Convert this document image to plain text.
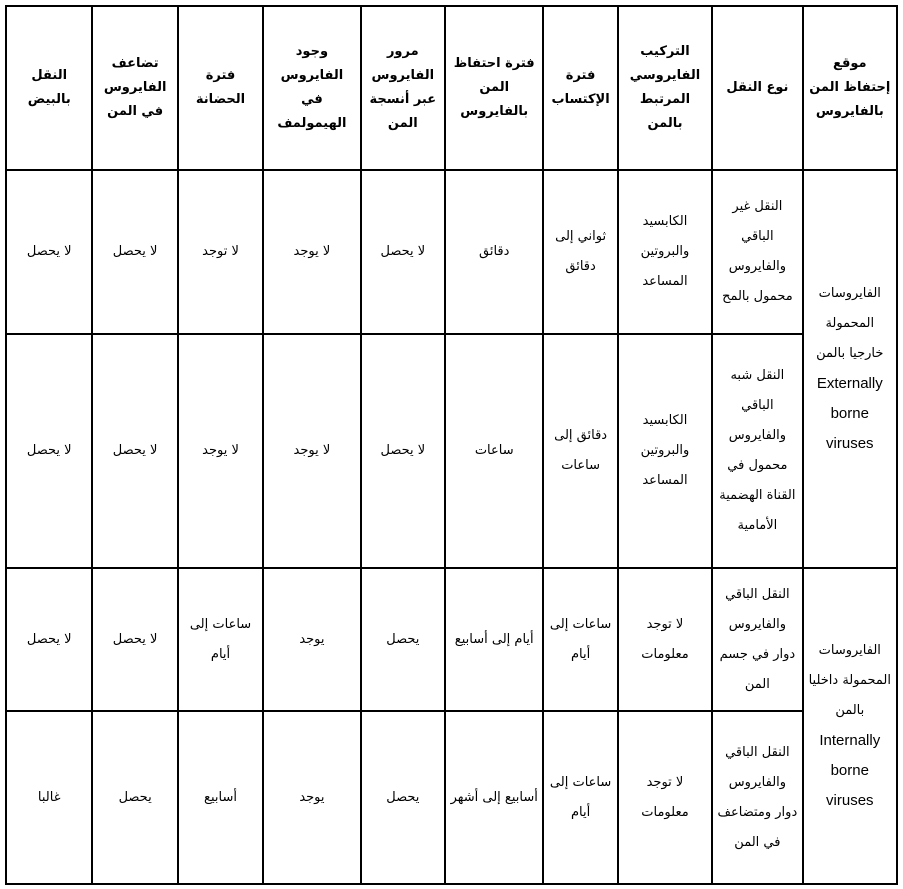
موقع إحتفاظ المن بالفايروس	نوع النقل	التركيب الفايروسي المرتبط بالمن	فترة الإكتساب	فترة احتفاظ المن بالفايروس	مرور الفايروس عبر أنسجة المن	وجود الفايروس في الهيمولمف	فترة الحضانة	تضاعف الفايروس في المن	النقل بالبيض

الفايروسات المحمولة خارجيا بالمن
Externally
borne
viruses	النقل غير الباقي والفايروس محمول بالمح	الكابسيد والبروتين المساعد	ثواني إلى دقائق	دقائق	لا يحصل	لا يوجد	لا توجد	لا يحصل	لا يحصل
	النقل شبه الباقي والفايروس محمول في القناة الهضمية الأمامية	الكابسيد والبروتين المساعد	دقائق إلى ساعات	ساعات	لا يحصل	لا يوجد	لا يوجد	لا يحصل	لا يحصل

الفايروسات المحمولة داخليا بالمن
Internally
borne
viruses	النقل الباقي والفايروس دوار في جسم المن	لا توجد معلومات	ساعات إلى أيام	أيام إلى أسابيع	يحصل	يوجد	ساعات إلى أيام	لا يحصل	لا يحصل
	النقل الباقي والفايروس دوار ومتضاعف في المن	لا توجد معلومات	ساعات إلى أيام	أسابيع إلى أشهر	يحصل	يوجد	أسابيع	يحصل	غالبا
